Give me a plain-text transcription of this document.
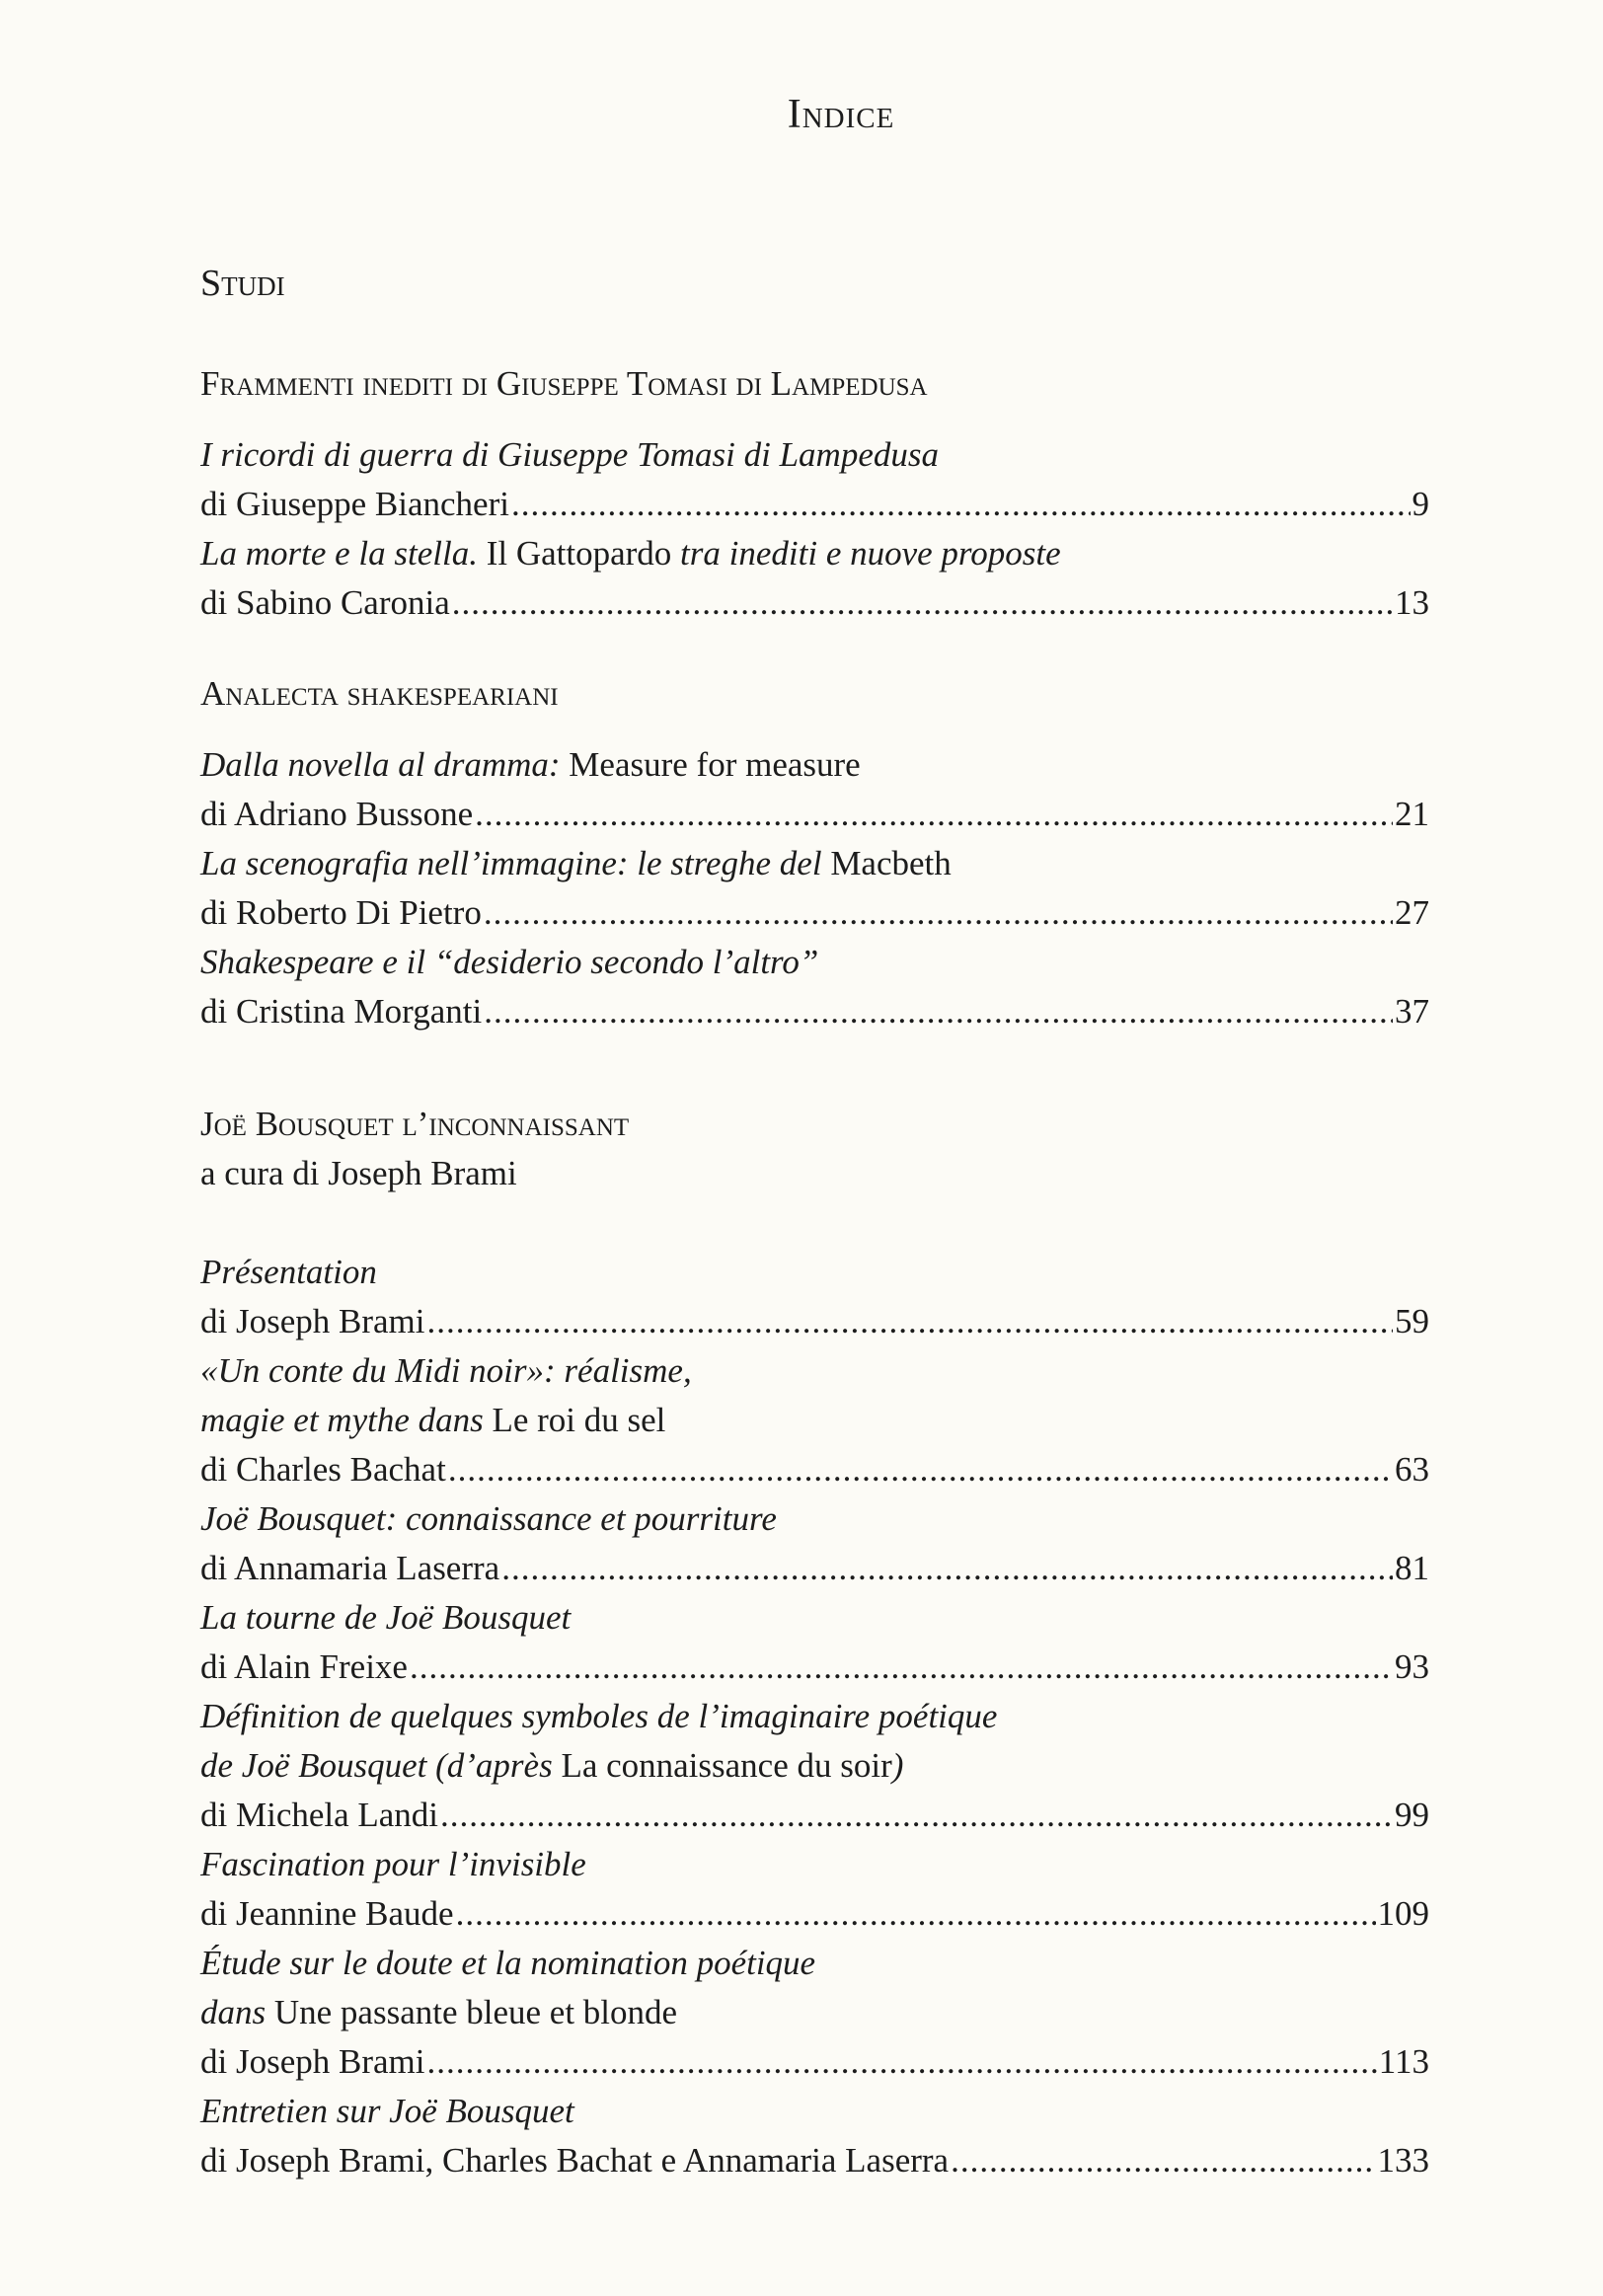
Indice
Studi
Frammenti inediti di Giuseppe Tomasi di Lampedusa
I ricordi di guerra di Giuseppe Tomasi di Lampedusa
di Giuseppe Biancheri .....	9
La morte e la stella. Il Gattopardo tra inediti e nuove proposte
di Sabino Caronia .....	13
Analecta shakespeariani
Dalla novella al dramma: Measure for measure
di Adriano Bussone .....	21
La scenografia nell’immagine: le streghe del Macbeth
di Roberto Di Pietro .....	27
Shakespeare e il “desiderio secondo l’altro”
di Cristina Morganti .....	37
Joë Bousquet l’inconnaissant
a cura di Joseph Brami
Présentation
di Joseph Brami .....	59
«Un conte du Midi noir»: réalisme,
magie et mythe dans Le roi du sel
di Charles Bachat .....	63
Joë Bousquet: connaissance et pourriture
di Annamaria Laserra .....	81
La tourne de Joë Bousquet
di Alain Freixe .....	93
Définition de quelques symboles de l’imaginaire poétique
de Joë Bousquet (d’après La connaissance du soir)
di Michela Landi .....	99
Fascination pour l’invisible
di Jeannine Baude .....	109
Étude sur le doute et la nomination poétique
dans Une passante bleue et blonde
di Joseph Brami .....	113
Entretien sur Joë Bousquet
di Joseph Brami, Charles Bachat e Annamaria Laserra .....	133
